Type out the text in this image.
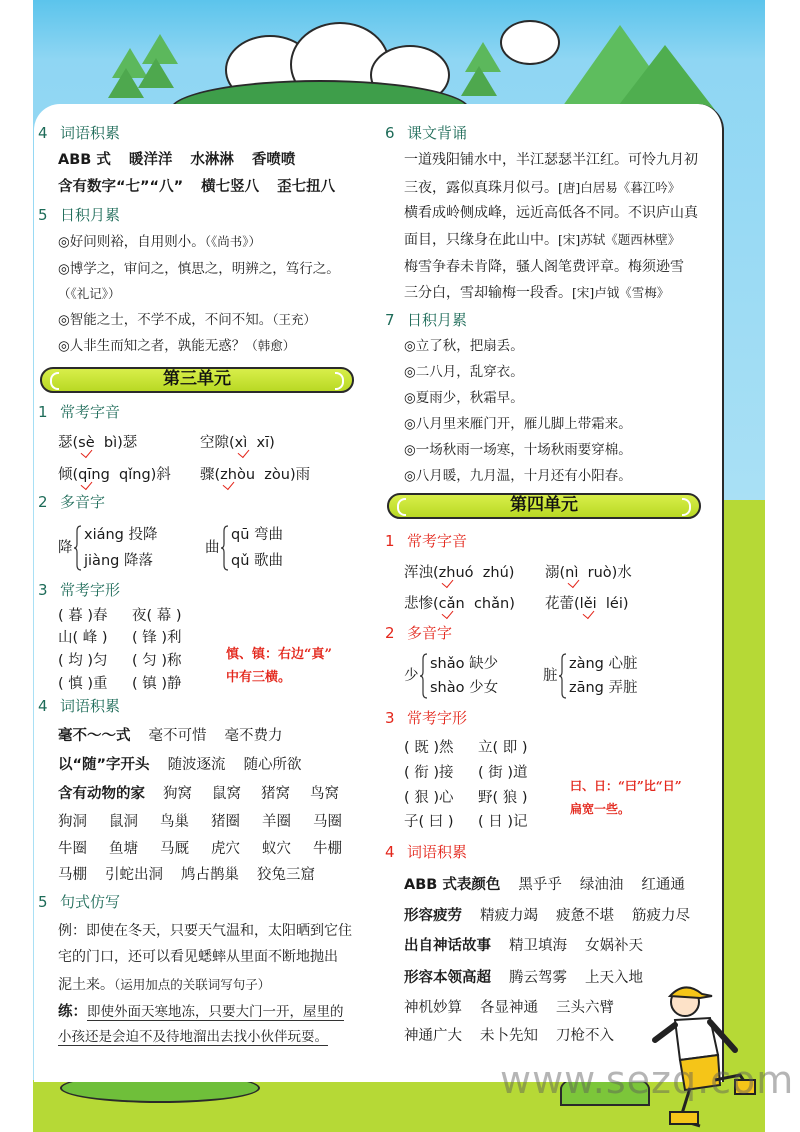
4 词语积累
ABB 式 暖洋洋 水淋淋 香喷喷
含有数字“七”“八” 横七竖八 歪七扭八
5 日积月累
◎好问则裕，自用则小。（《尚书》）
◎博学之，审问之，慎思之，明辨之，笃行之。
（《礼记》）
◎智能之士，不学不成，不问不知。（王充）
◎人非生而知之者，孰能无惑？（韩愈）
第三单元
1 常考字音
瑟(sè bì)瑟	空隙(xì xī)
倾(qīng qǐng)斜 骤(zhòu zòu)雨
2 多音字
降
xiáng 投降
jiàng 降落
曲
qū 弯曲
qǔ 歌曲
3 常考字形
( 暮 )春 夜( 幕 )
山( 峰 ) ( 锋 )利
( 均 )匀 ( 匀 )称
( 慎 )重 ( 镇 )静
慎、镇：右边“真”
中有三横。
4 词语积累
毫不～～式 毫不可惜 毫不费力
以“随”字开头 随波逐流 随心所欲
含有动物的家 狗窝 鼠窝 猪窝 鸟窝
狗洞 鼠洞 鸟巢 猪圈 羊圈 马圈
牛圈 鱼塘 马厩 虎穴 蚁穴 牛棚
马棚 引蛇出洞 鸠占鹊巢 狡兔三窟
5 句式仿写
例：即使在冬天，只要天气温和，太阳晒到它住
宅的门口，还可以看见蟋蟀从里面不断地抛出
泥土来。（运用加点的关联词写句子）
练：即使外面天寒地冻，只要大门一开，屋里的
小孩还是会迫不及待地溜出去找小伙伴玩耍。
6 课文背诵
一道残阳铺水中，半江瑟瑟半江红。可怜九月初
三夜，露似真珠月似弓。[唐]白居易《暮江吟》
横看成岭侧成峰，远近高低各不同。不识庐山真
面目，只缘身在此山中。[宋]苏轼《题西林壁》
梅雪争春未肯降，骚人阁笔费评章。梅须逊雪
三分白，雪却输梅一段香。[宋]卢钺《雪梅》
7 日积月累
◎立了秋，把扇丢。
◎二八月，乱穿衣。
◎夏雨少，秋霜早。
◎八月里来雁门开，雁儿脚上带霜来。
◎一场秋雨一场寒，十场秋雨要穿棉。
◎八月暖，九月温，十月还有小阳春。
第四单元
1 常考字音
浑浊(zhuó zhú) 溺(nì ruò)水
悲惨(cǎn chǎn) 花蕾(lěi léi)
2 多音字
少
shǎo 缺少
shào 少女
脏
zàng 心脏
zāng 弄脏
3 常考字形
( 既 )然 立( 即 )
( 衔 )接 ( 街 )道
( 狠 )心 野( 狼 )
子( 曰 ) ( 日 )记
曰、日：“曰”比“日”
扁宽一些。
4 词语积累
ABB 式表颜色 黑乎乎 绿油油 红通通
形容疲劳 精疲力竭 疲惫不堪 筋疲力尽
出自神话故事 精卫填海 女娲补天
形容本领高超 腾云驾雾 上天入地
神机妙算 各显神通 三头六臂
神通广大 未卜先知 刀枪不入
www.sezq.com
